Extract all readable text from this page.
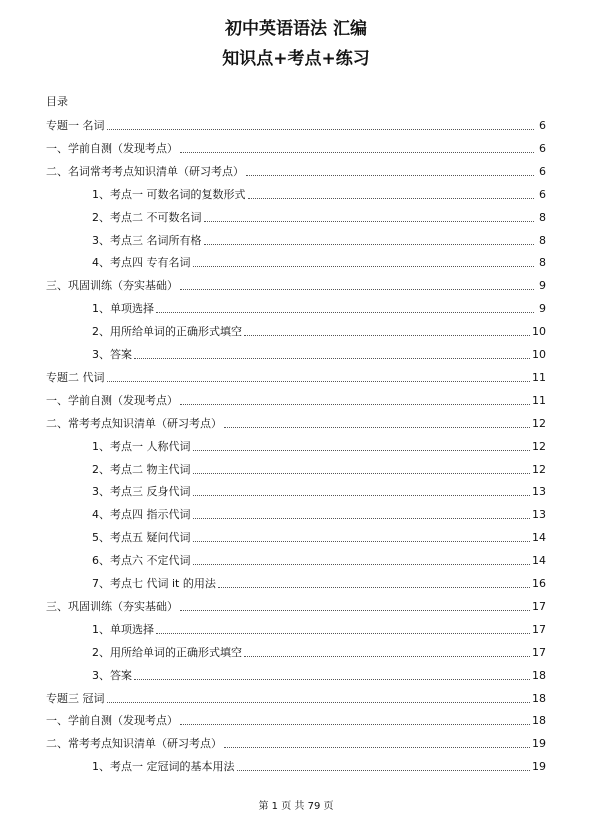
初中英语语法 汇编
知识点+考点+练习
目录
专题一 名词	6
一、学前自测（发现考点）	6
二、名词常考考点知识清单（研习考点）	6
1、考点一 可数名词的复数形式	6
2、考点二 不可数名词	8
3、考点三 名词所有格	8
4、考点四 专有名词	8
三、巩固训练（夯实基础）	9
1、单项选择	9
2、用所给单词的正确形式填空	10
3、答案	10
专题二 代词	11
一、学前自测（发现考点）	11
二、常考考点知识清单（研习考点）	12
1、考点一 人称代词	12
2、考点二 物主代词	12
3、考点三 反身代词	13
4、考点四 指示代词	13
5、考点五 疑问代词	14
6、考点六 不定代词	14
7、考点七 代词 it 的用法	16
三、巩固训练（夯实基础）	17
1、单项选择	17
2、用所给单词的正确形式填空	17
3、答案	18
专题三 冠词	18
一、学前自测（发现考点）	18
二、常考考点知识清单（研习考点）	19
1、考点一 定冠词的基本用法	19
第 1 页 共 79 页
